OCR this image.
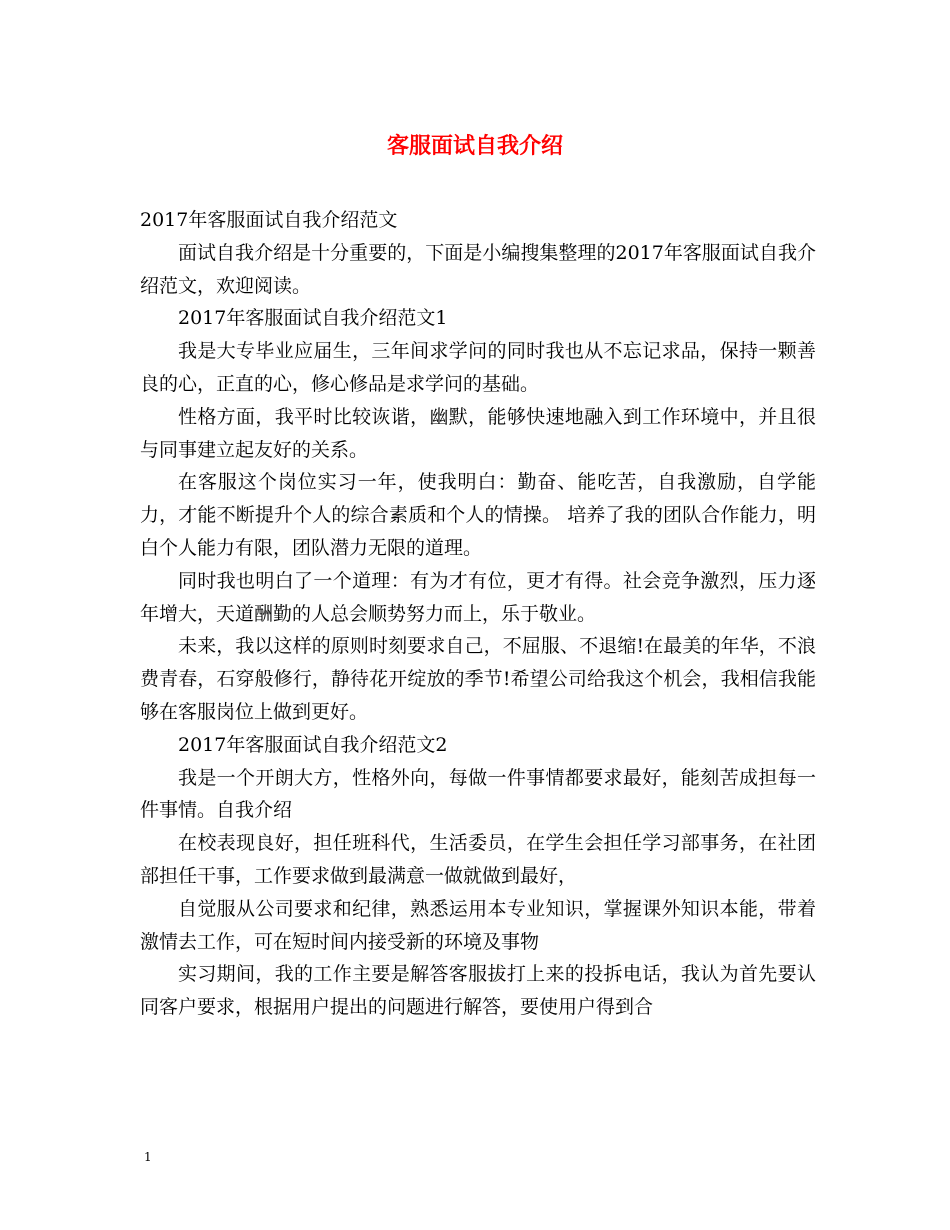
客服面试自我介绍

2017年客服面试自我介绍范文

面试自我介绍是十分重要的，下面是小编搜集整理的2017年客服面试自我介绍范文，欢迎阅读。

2017年客服面试自我介绍范文1

我是大专毕业应届生，三年间求学问的同时我也从不忘记求品，保持一颗善良的心，正直的心，修心修品是求学问的基础。

性格方面，我平时比较诙谐，幽默，能够快速地融入到工作环境中，并且很与同事建立起友好的关系。

在客服这个岗位实习一年，使我明白：勤奋、能吃苦，自我激励，自学能力，才能不断提升个人的综合素质和个人的情操。 培养了我的团队合作能力，明白个人能力有限，团队潜力无限的道理。

同时我也明白了一个道理：有为才有位，更才有得。社会竞争激烈，压力逐年增大，天道酬勤的人总会顺势努力而上，乐于敬业。

未来，我以这样的原则时刻要求自己，不屈服、不退缩!在最美的年华，不浪费青春，石穿般修行，静待花开绽放的季节!希望公司给我这个机会，我相信我能够在客服岗位上做到更好。

2017年客服面试自我介绍范文2

我是一个开朗大方，性格外向，每做一件事情都要求最好，能刻苦成担每一件事情。自我介绍

在校表现良好，担任班科代，生活委员，在学生会担任学习部事务，在社团部担任干事，工作要求做到最满意一做就做到最好，

自觉服从公司要求和纪律，熟悉运用本专业知识，掌握课外知识本能，带着激情去工作，可在短时间内接受新的环境及事物

实习期间，我的工作主要是解答客服拔打上来的投拆电话，我认为首先要认同客户要求，根据用户提出的问题进行解答，要使用户得到合

1
